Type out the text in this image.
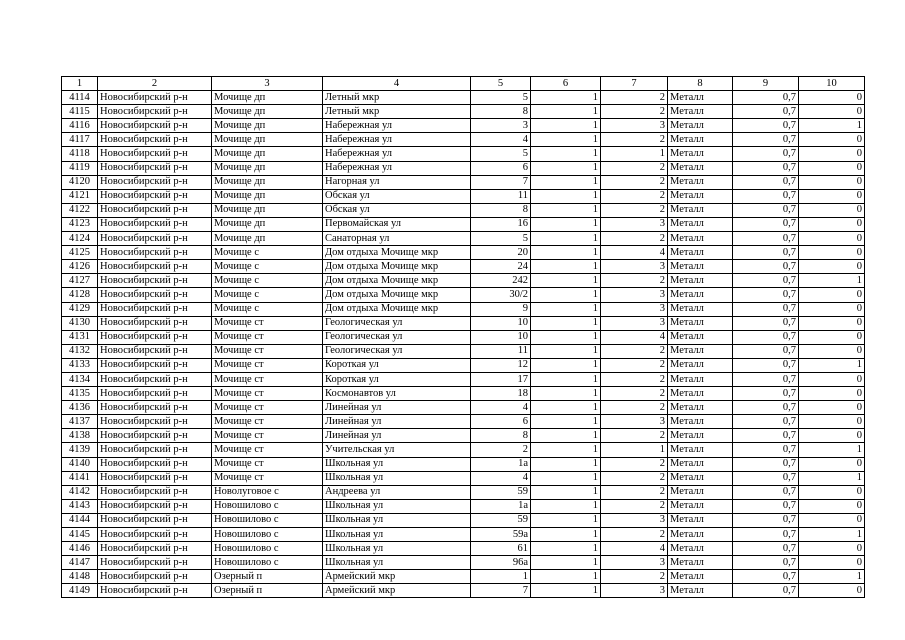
1	2	3	4	5	6	7	8	9	10
4114	Новосибирский р-н	Мочище дп	Летный мкр	5	1	2	Металл	0,7	0
4115	Новосибирский р-н	Мочище дп	Летный мкр	8	1	2	Металл	0,7	0
4116	Новосибирский р-н	Мочище дп	Набережная ул	3	1	3	Металл	0,7	1
4117	Новосибирский р-н	Мочище дп	Набережная ул	4	1	2	Металл	0,7	0
4118	Новосибирский р-н	Мочище дп	Набережная ул	5	1	1	Металл	0,7	0
4119	Новосибирский р-н	Мочище дп	Набережная ул	6	1	2	Металл	0,7	0
4120	Новосибирский р-н	Мочище дп	Нагорная ул	7	1	2	Металл	0,7	0
4121	Новосибирский р-н	Мочище дп	Обская ул	11	1	2	Металл	0,7	0
4122	Новосибирский р-н	Мочище дп	Обская ул	8	1	2	Металл	0,7	0
4123	Новосибирский р-н	Мочище дп	Первомайская ул	16	1	3	Металл	0,7	0
4124	Новосибирский р-н	Мочище дп	Санаторная ул	5	1	2	Металл	0,7	0
4125	Новосибирский р-н	Мочище с	Дом отдыха Мочище мкр	20	1	4	Металл	0,7	0
4126	Новосибирский р-н	Мочище с	Дом отдыха Мочище мкр	24	1	3	Металл	0,7	0
4127	Новосибирский р-н	Мочище с	Дом отдыха Мочище мкр	242	1	2	Металл	0,7	1
4128	Новосибирский р-н	Мочище с	Дом отдыха Мочище мкр	30/2	1	3	Металл	0,7	0
4129	Новосибирский р-н	Мочище с	Дом отдыха Мочище мкр	9	1	3	Металл	0,7	0
4130	Новосибирский р-н	Мочище ст	Геологическая ул	10	1	3	Металл	0,7	0
4131	Новосибирский р-н	Мочище ст	Геологическая ул	10	1	4	Металл	0,7	0
4132	Новосибирский р-н	Мочище ст	Геологическая ул	11	1	2	Металл	0,7	0
4133	Новосибирский р-н	Мочище ст	Короткая ул	12	1	2	Металл	0,7	1
4134	Новосибирский р-н	Мочище ст	Короткая ул	17	1	2	Металл	0,7	0
4135	Новосибирский р-н	Мочище ст	Космонавтов ул	18	1	2	Металл	0,7	0
4136	Новосибирский р-н	Мочище ст	Линейная ул	4	1	2	Металл	0,7	0
4137	Новосибирский р-н	Мочище ст	Линейная ул	6	1	3	Металл	0,7	0
4138	Новосибирский р-н	Мочище ст	Линейная ул	8	1	2	Металл	0,7	0
4139	Новосибирский р-н	Мочище ст	Учительская ул	2	1	1	Металл	0,7	1
4140	Новосибирский р-н	Мочище ст	Школьная ул	1а	1	2	Металл	0,7	0
4141	Новосибирский р-н	Мочище ст	Школьная ул	4	1	2	Металл	0,7	1
4142	Новосибирский р-н	Новолуговое с	Андреева ул	59	1	2	Металл	0,7	0
4143	Новосибирский р-н	Новошилово с	Школьная ул	1а	1	2	Металл	0,7	0
4144	Новосибирский р-н	Новошилово с	Школьная ул	59	1	3	Металл	0,7	0
4145	Новосибирский р-н	Новошилово с	Школьная ул	59а	1	2	Металл	0,7	1
4146	Новосибирский р-н	Новошилово с	Школьная ул	61	1	4	Металл	0,7	0
4147	Новосибирский р-н	Новошилово с	Школьная ул	96а	1	3	Металл	0,7	0
4148	Новосибирский р-н	Озерный п	Армейский мкр	1	1	2	Металл	0,7	1
4149	Новосибирский р-н	Озерный п	Армейский мкр	7	1	3	Металл	0,7	0
